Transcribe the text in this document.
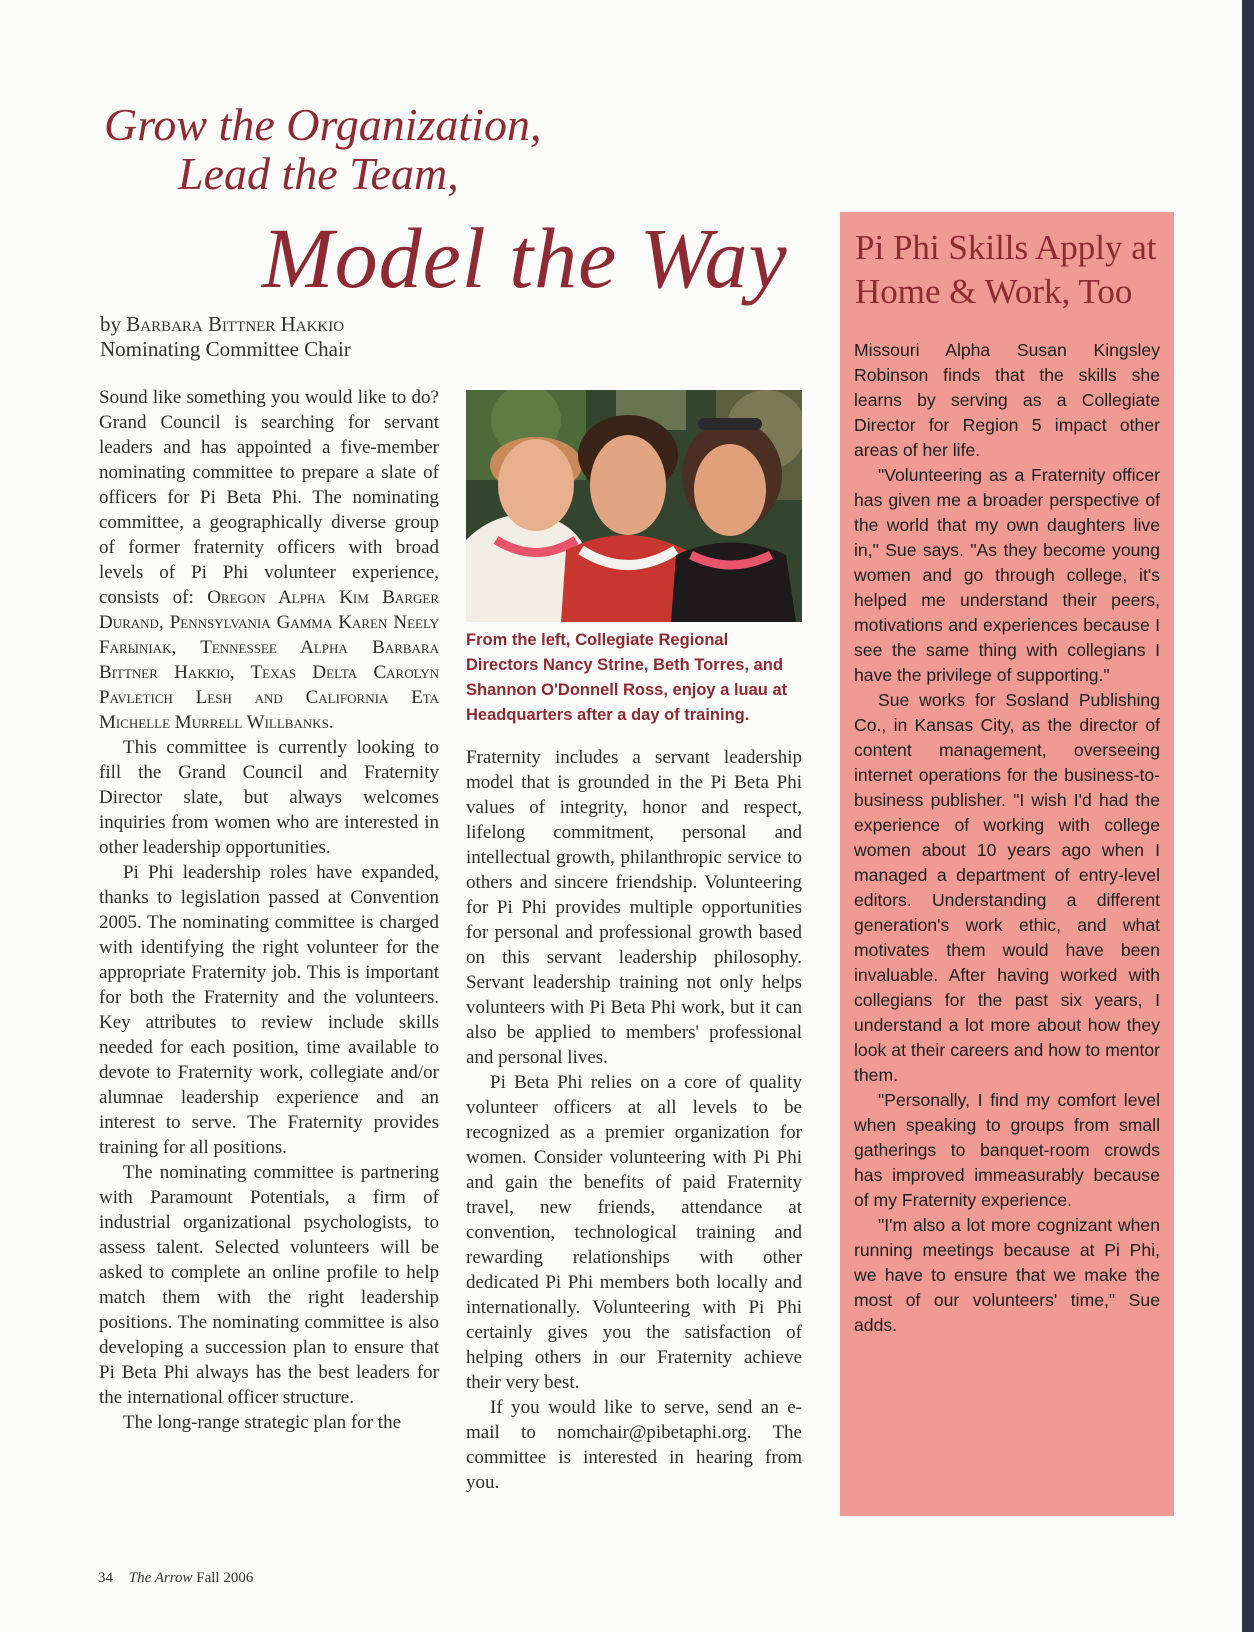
Grow the Organization,
Lead the Team,
Model the Way
by Barbara Bittner Hakkio
Nominating Committee Chair

Sound like something you would like to do? Grand Council is searching for servant leaders and has appointed a five-member nominating committee to prepare a slate of officers for Pi Beta Phi. The nominating committee, a geographically diverse group of former fraternity officers with broad levels of Pi Phi volunteer experience, consists of: Oregon Alpha Kim Barger Durand, Pennsylvania Gamma Karen Neely Farыniak, Tennessee Alpha Barbara Bittner Hakkio, Texas Delta Carolyn Pavletich Lesh and California Eta Michelle Murrell Willbanks.

This committee is currently looking to fill the Grand Council and Fraternity Director slate, but always welcomes inquiries from women who are interested in other leadership opportunities.

Pi Phi leadership roles have expanded, thanks to legislation passed at Convention 2005. The nominating committee is charged with identifying the right volunteer for the appropriate Fraternity job. This is important for both the Fraternity and the volunteers. Key attributes to review include skills needed for each position, time available to devote to Fraternity work, collegiate and/or alumnae leadership experience and an interest to serve. The Fraternity provides training for all positions.

The nominating committee is partnering with Paramount Potentials, a firm of industrial organizational psychologists, to assess talent. Selected volunteers will be asked to complete an online profile to help match them with the right leadership positions. The nominating committee is also developing a succession plan to ensure that Pi Beta Phi always has the best leaders for the international officer structure.

The long-range strategic plan for the

From the left, Collegiate Regional Directors Nancy Strine, Beth Torres, and Shannon O'Donnell Ross, enjoy a luau at Headquarters after a day of training.

Fraternity includes a servant leadership model that is grounded in the Pi Beta Phi values of integrity, honor and respect, lifelong commitment, personal and intellectual growth, philanthropic service to others and sincere friendship. Volunteering for Pi Phi provides multiple opportunities for personal and professional growth based on this servant leadership philosophy. Servant leadership training not only helps volunteers with Pi Beta Phi work, but it can also be applied to members' professional and personal lives.

Pi Beta Phi relies on a core of quality volunteer officers at all levels to be recognized as a premier organization for women. Consider volunteering with Pi Phi and gain the benefits of paid Fraternity travel, new friends, attendance at convention, technological training and rewarding relationships with other dedicated Pi Phi members both locally and internationally. Volunteering with Pi Phi certainly gives you the satisfaction of helping others in our Fraternity achieve their very best.

If you would like to serve, send an e-mail to nomchair@pibetaphi.org. The committee is interested in hearing from you.

Pi Phi Skills Apply at Home & Work, Too

Missouri Alpha Susan Kingsley Robinson finds that the skills she learns by serving as a Collegiate Director for Region 5 impact other areas of her life.

"Volunteering as a Fraternity officer has given me a broader perspective of the world that my own daughters live in," Sue says. "As they become young women and go through college, it's helped me understand their peers, motivations and experiences because I see the same thing with collegians I have the privilege of supporting."

Sue works for Sosland Publishing Co., in Kansas City, as the director of content management, overseeing internet operations for the business-to-business publisher. "I wish I'd had the experience of working with college women about 10 years ago when I managed a department of entry-level editors. Understanding a different generation's work ethic, and what motivates them would have been invaluable. After having worked with collegians for the past six years, I understand a lot more about how they look at their careers and how to mentor them.

"Personally, I find my comfort level when speaking to groups from small gatherings to banquet-room crowds has improved immeasurably because of my Fraternity experience.

"I'm also a lot more cognizant when running meetings because at Pi Phi, we have to ensure that we make the most of our volunteers' time," Sue adds.

34 The Arrow Fall 2006
